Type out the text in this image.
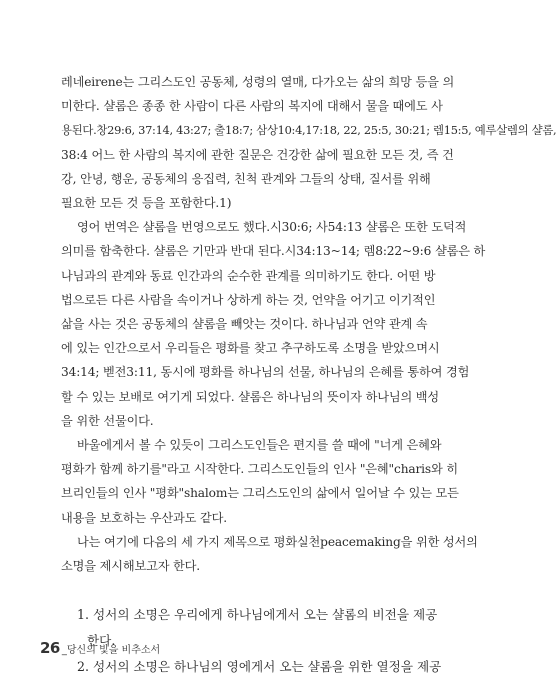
레네eirene는 그리스도인 공동체, 성령의 열매, 다가오는 삶의 희망 등을 의
미한다. 샬롬은 종종 한 사람이 다른 사람의 복지에 대해서 물을 때에도 사
용된다.창29:6, 37:14, 43:27; 출18:7; 삼상10:4,17:18, 22, 25:5, 30:21; 렘15:5, 예루살렘의 샬롬,
38:4 어느 한 사람의 복지에 관한 질문은 건강한 삶에 필요한 모든 것, 즉 건
강, 안녕, 행운, 공동체의 응집력, 친척 관계와 그들의 상태, 질서를 위해
필요한 모든 것 등을 포함한다.1)
영어 번역은 샬롬을 번영으로도 했다.시30:6; 사54:13 샬롬은 또한 도덕적
의미를 함축한다. 샬롬은 기만과 반대 된다.시34:13~14; 렘8:22~9:6 샬롬은 하
나님과의 관계와 동료 인간과의 순수한 관계를 의미하기도 한다. 어떤 방
법으로든 다른 사람을 속이거나 상하게 하는 것, 언약을 어기고 이기적인
삶을 사는 것은 공동체의 샬롬을 빼앗는 것이다. 하나님과 언약 관계 속
에 있는 인간으로서 우리들은 평화를 찾고 추구하도록 소명을 받았으며시
34:14; 벧전3:11, 동시에 평화를 하나님의 선물, 하나님의 은혜를 통하여 경험
할 수 있는 보배로 여기게 되었다. 샬롬은 하나님의 뜻이자 하나님의 백성
을 위한 선물이다.
바울에게서 볼 수 있듯이 그리스도인들은 편지를 쓸 때에 "너게 은혜와
평화가 함께 하기를"라고 시작한다. 그리스도인들의 인사 "은혜"charis와 히
브리인들의 인사 "평화"shalom는 그리스도인의 삶에서 일어날 수 있는 모든
내용을 보호하는 우산과도 같다.
나는 여기에 다음의 세 가지 제목으로 평화실천peacemaking을 위한 성서의
소명을 제시해보고자 한다.
1. 성서의 소명은 우리에게 하나님에게서 오는 샬롬의 비전을 제공
한다.
2. 성서의 소명은 하나님의 영에게서 오는 샬롬을 위한 열정을 제공
26 _당신의 빛을 비추소서
